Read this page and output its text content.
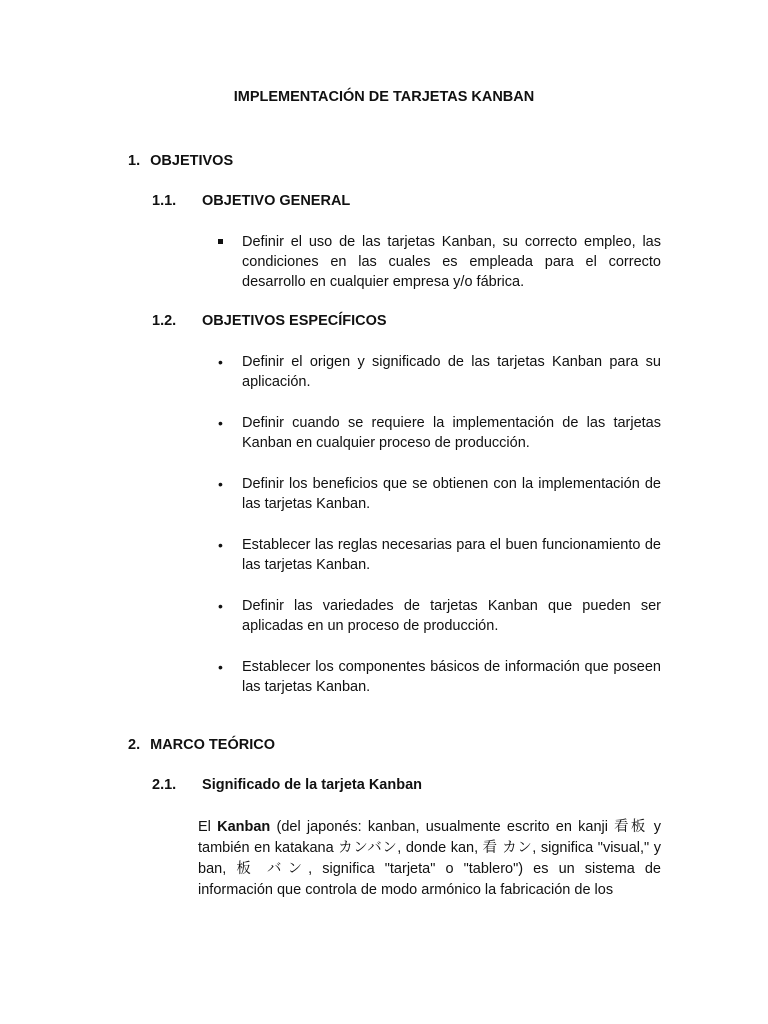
IMPLEMENTACIÓN DE TARJETAS KANBAN
1. OBJETIVOS
1.1. OBJETIVO GENERAL
Definir el uso de las tarjetas Kanban, su correcto empleo, las condiciones en las cuales es empleada para el correcto desarrollo en cualquier empresa y/o fábrica.
1.2. OBJETIVOS ESPECÍFICOS
• Definir el origen y significado de las tarjetas Kanban para su aplicación.
• Definir cuando se requiere la implementación de las tarjetas Kanban en cualquier proceso de producción.
• Definir los beneficios que se obtienen con la implementación de las tarjetas Kanban.
• Establecer las reglas necesarias para el buen funcionamiento de las tarjetas Kanban.
• Definir las variedades de tarjetas Kanban que pueden ser aplicadas en un proceso de producción.
• Establecer los componentes básicos de información que poseen las tarjetas Kanban.
2. MARCO TEÓRICO
2.1. Significado de la tarjeta Kanban
El Kanban (del japonés: kanban, usualmente escrito en kanji 看板 y también en katakana カンバン, donde kan, 看 カン, significa "visual," y ban, 板 バン, significa "tarjeta" o "tablero") es un sistema de información que controla de modo armónico la fabricación de los
